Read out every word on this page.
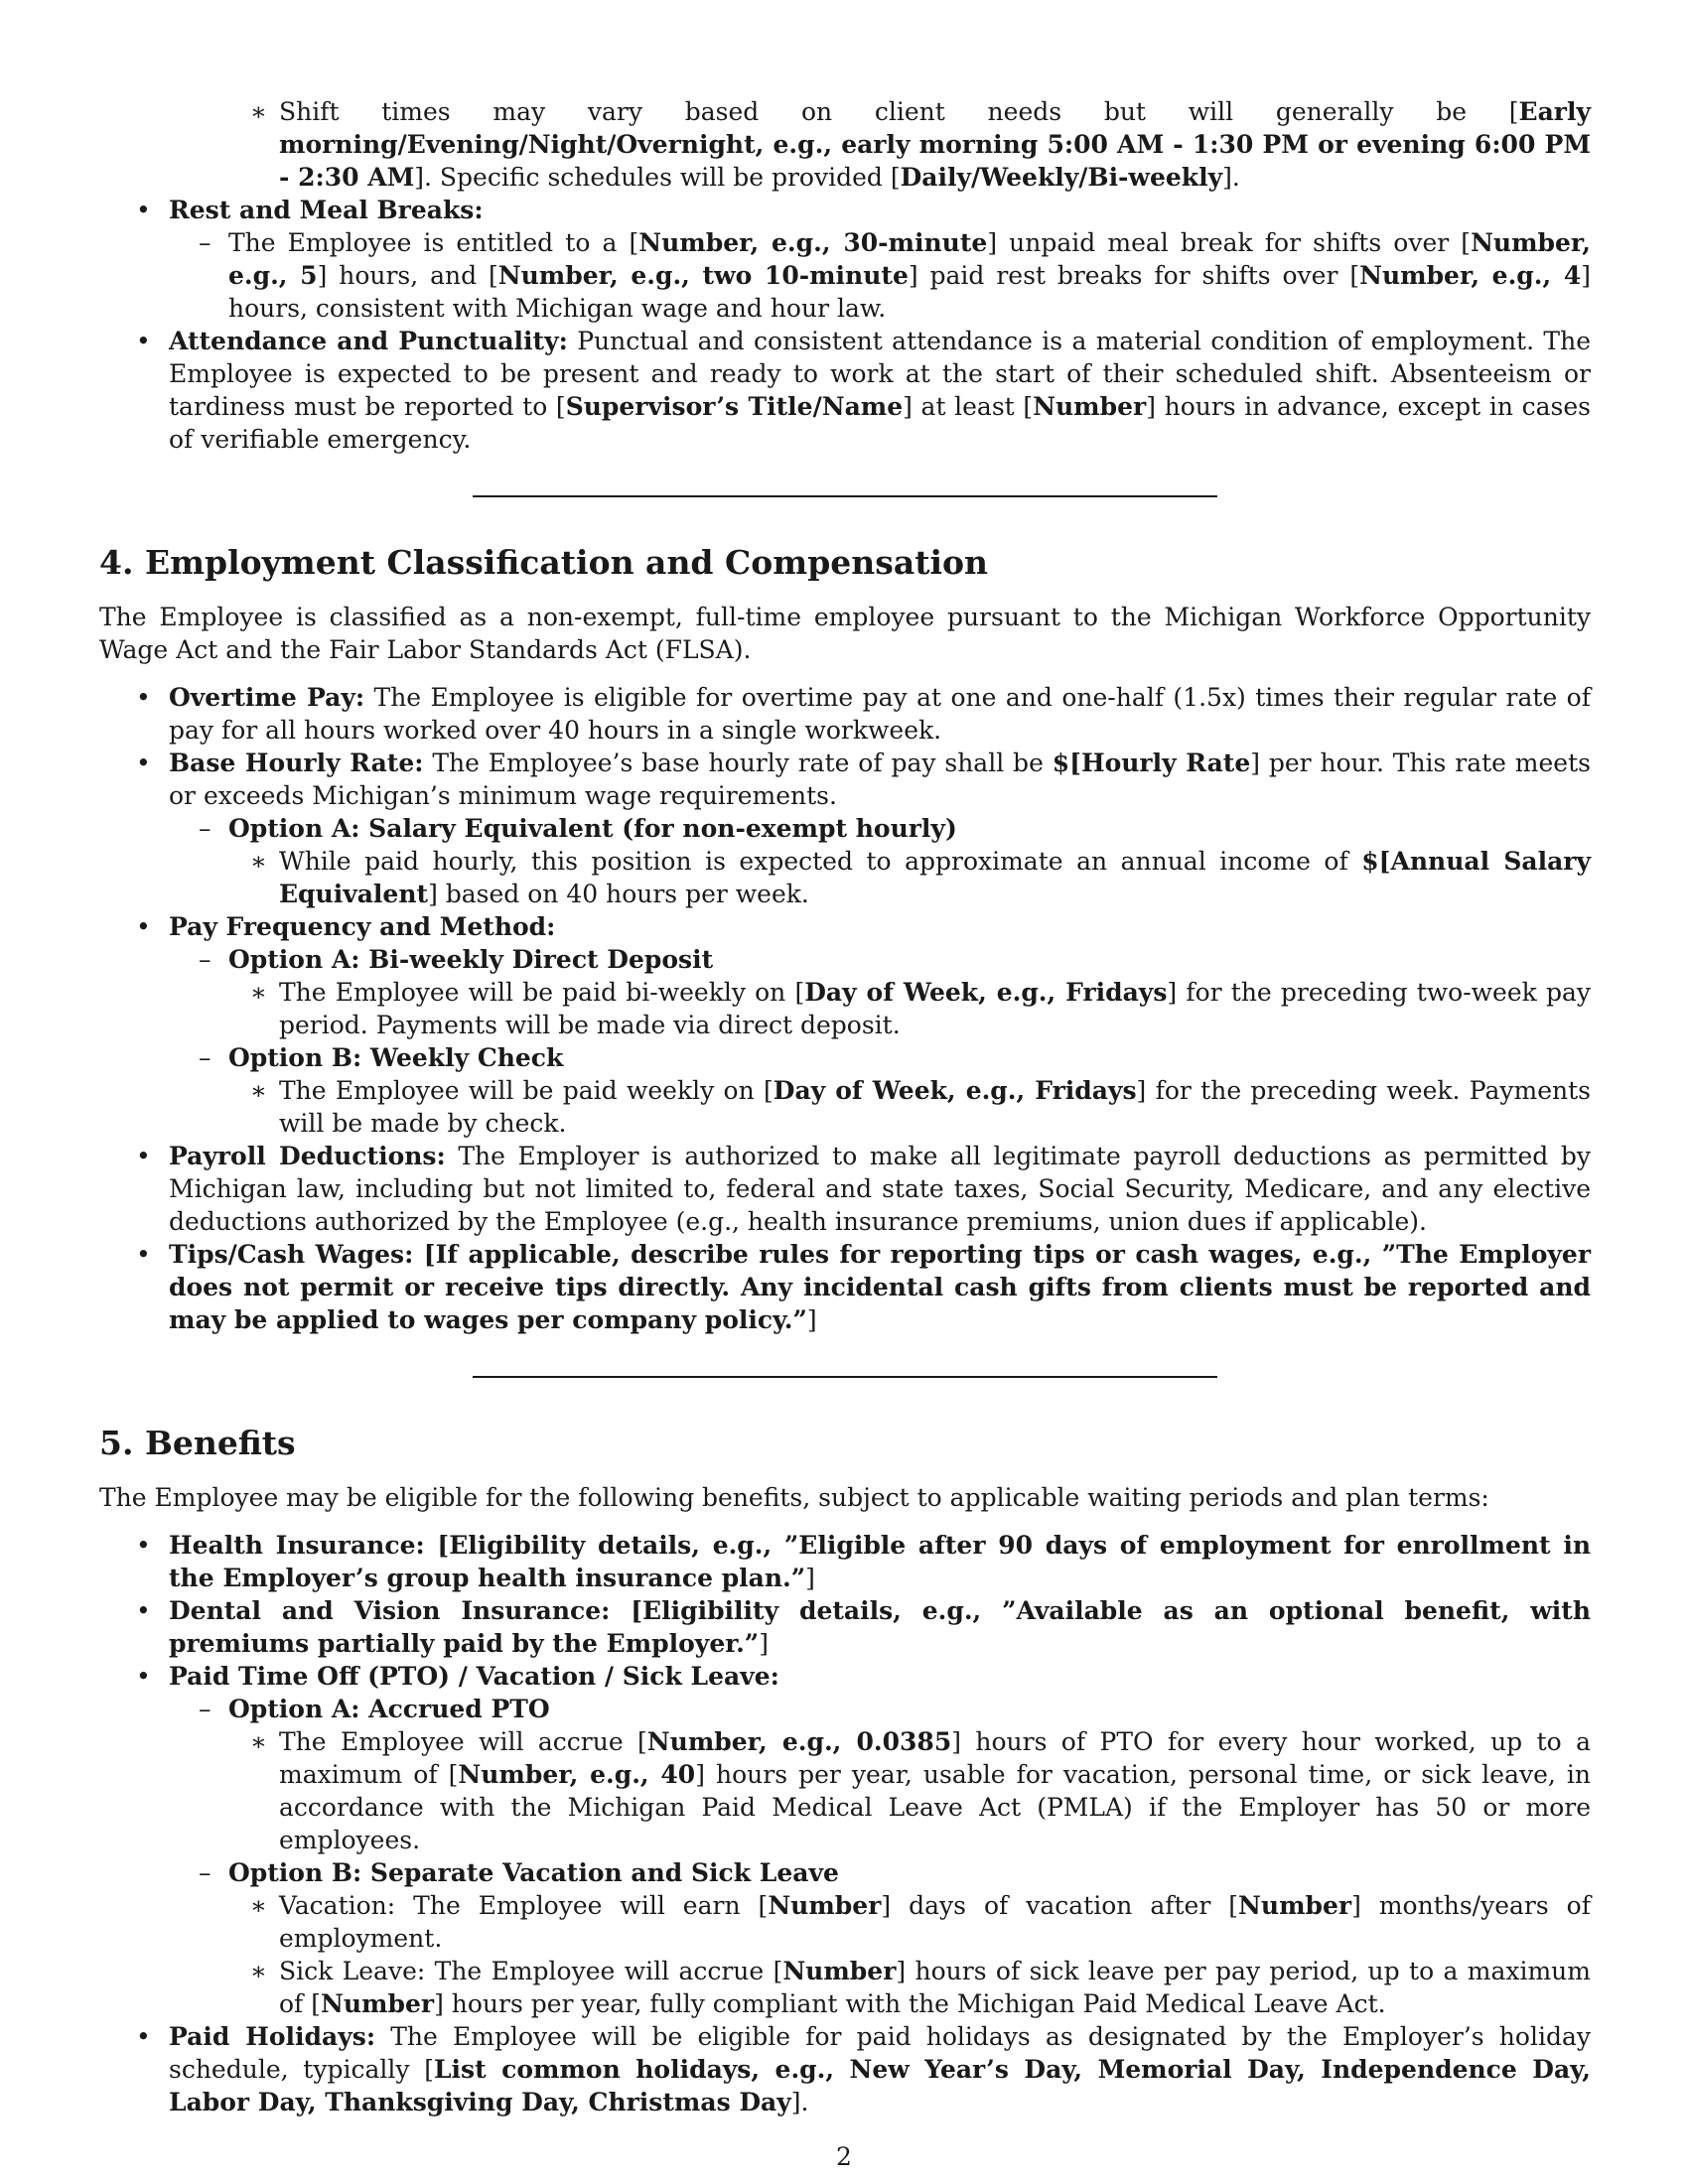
∗ Shift times may vary based on client needs but will generally be [Early morning/Evening/Night/Overnight, e.g., early morning 5:00 AM - 1:30 PM or evening 6:00 PM - 2:30 AM]. Specific schedules will be provided [Daily/Weekly/Bi-weekly].
• Rest and Meal Breaks:
– The Employee is entitled to a [Number, e.g., 30-minute] unpaid meal break for shifts over [Number, e.g., 5] hours, and [Number, e.g., two 10-minute] paid rest breaks for shifts over [Number, e.g., 4] hours, consistent with Michigan wage and hour law.
• Attendance and Punctuality: Punctual and consistent attendance is a material condition of employment. The Employee is expected to be present and ready to work at the start of their scheduled shift. Absenteeism or tardiness must be reported to [Supervisor’s Title/Name] at least [Number] hours in advance, except in cases of verifiable emergency.
4. Employment Classification and Compensation

The Employee is classified as a non-exempt, full-time employee pursuant to the Michigan Workforce Opportunity Wage Act and the Fair Labor Standards Act (FLSA).

• Overtime Pay: The Employee is eligible for overtime pay at one and one-half (1.5x) times their regular rate of pay for all hours worked over 40 hours in a single workweek.
• Base Hourly Rate: The Employee’s base hourly rate of pay shall be $[Hourly Rate] per hour. This rate meets or exceeds Michigan’s minimum wage requirements.
– Option A: Salary Equivalent (for non-exempt hourly)
∗ While paid hourly, this position is expected to approximate an annual income of $[Annual Salary Equivalent] based on 40 hours per week.
• Pay Frequency and Method:
– Option A: Bi-weekly Direct Deposit
∗ The Employee will be paid bi-weekly on [Day of Week, e.g., Fridays] for the preceding two-week pay period. Payments will be made via direct deposit.
– Option B: Weekly Check
∗ The Employee will be paid weekly on [Day of Week, e.g., Fridays] for the preceding week. Payments will be made by check.
• Payroll Deductions: The Employer is authorized to make all legitimate payroll deductions as permitted by Michigan law, including but not limited to, federal and state taxes, Social Security, Medicare, and any elective deductions authorized by the Employee (e.g., health insurance premiums, union dues if applicable).
• Tips/Cash Wages: [If applicable, describe rules for reporting tips or cash wages, e.g., ”The Employer does not permit or receive tips directly. Any incidental cash gifts from clients must be reported and may be applied to wages per company policy.”]
5. Benefits

The Employee may be eligible for the following benefits, subject to applicable waiting periods and plan terms:

• Health Insurance: [Eligibility details, e.g., ”Eligible after 90 days of employment for enrollment in the Employer’s group health insurance plan.”]
• Dental and Vision Insurance: [Eligibility details, e.g., ”Available as an optional benefit, with premiums partially paid by the Employer.”]
• Paid Time Off (PTO) / Vacation / Sick Leave:
– Option A: Accrued PTO
∗ The Employee will accrue [Number, e.g., 0.0385] hours of PTO for every hour worked, up to a maximum of [Number, e.g., 40] hours per year, usable for vacation, personal time, or sick leave, in accordance with the Michigan Paid Medical Leave Act (PMLA) if the Employer has 50 or more employees.
– Option B: Separate Vacation and Sick Leave
∗ Vacation: The Employee will earn [Number] days of vacation after [Number] months/years of employment.
∗ Sick Leave: The Employee will accrue [Number] hours of sick leave per pay period, up to a maximum of [Number] hours per year, fully compliant with the Michigan Paid Medical Leave Act.
• Paid Holidays: The Employee will be eligible for paid holidays as designated by the Employer’s holiday schedule, typically [List common holidays, e.g., New Year’s Day, Memorial Day, Independence Day, Labor Day, Thanksgiving Day, Christmas Day].
2
